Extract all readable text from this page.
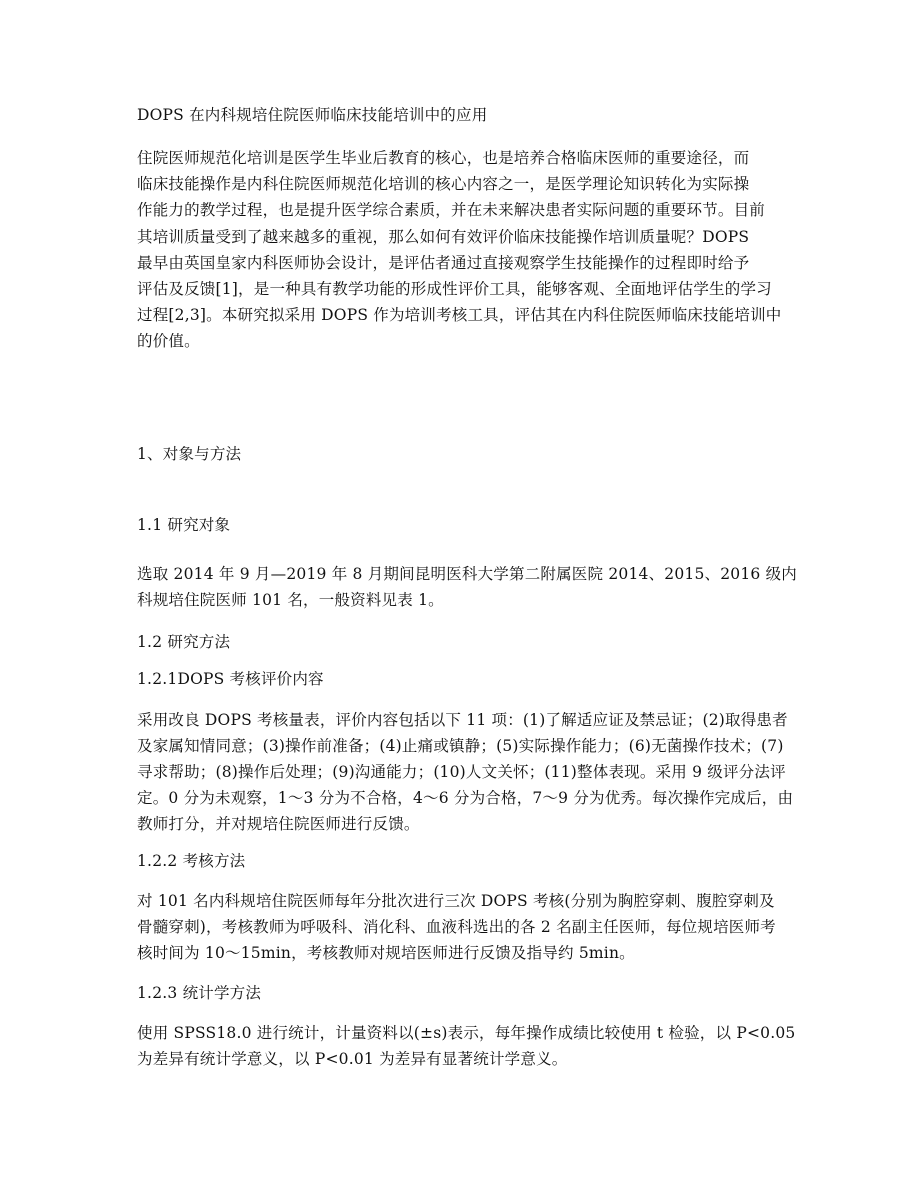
DOPS 在内科规培住院医师临床技能培训中的应用
住院医师规范化培训是医学生毕业后教育的核心，也是培养合格临床医师的重要途径，而
临床技能操作是内科住院医师规范化培训的核心内容之一，是医学理论知识转化为实际操
作能力的教学过程，也是提升医学综合素质，并在未来解决患者实际问题的重要环节。目前
其培训质量受到了越来越多的重视，那么如何有效评价临床技能操作培训质量呢？DOPS
最早由英国皇家内科医师协会设计，是评估者通过直接观察学生技能操作的过程即时给予
评估及反馈[1]，是一种具有教学功能的形成性评价工具，能够客观、全面地评估学生的学习
过程[2,3]。本研究拟采用 DOPS 作为培训考核工具，评估其在内科住院医师临床技能培训中
的价值。
1、对象与方法
1.1 研究对象
选取 2014 年 9 月—2019 年 8 月期间昆明医科大学第二附属医院 2014、2015、2016 级内
科规培住院医师 101 名，一般资料见表 1。
1.2 研究方法
1.2.1DOPS 考核评价内容
采用改良 DOPS 考核量表，评价内容包括以下 11 项：(1)了解适应证及禁忌证；(2)取得患者
及家属知情同意；(3)操作前准备；(4)止痛或镇静；(5)实际操作能力；(6)无菌操作技术；(7)
寻求帮助；(8)操作后处理；(9)沟通能力；(10)人文关怀；(11)整体表现。采用 9 级评分法评
定。0 分为未观察，1～3 分为不合格，4～6 分为合格，7～9 分为优秀。每次操作完成后，由
教师打分，并对规培住院医师进行反馈。
1.2.2 考核方法
对 101 名内科规培住院医师每年分批次进行三次 DOPS 考核(分别为胸腔穿刺、腹腔穿刺及
骨髓穿刺)，考核教师为呼吸科、消化科、血液科选出的各 2 名副主任医师，每位规培医师考
核时间为 10～15min，考核教师对规培医师进行反馈及指导约 5min。
1.2.3 统计学方法
使用 SPSS18.0 进行统计，计量资料以(±s)表示，每年操作成绩比较使用 t 检验，以 P<0.05
为差异有统计学意义，以 P<0.01 为差异有显著统计学意义。
